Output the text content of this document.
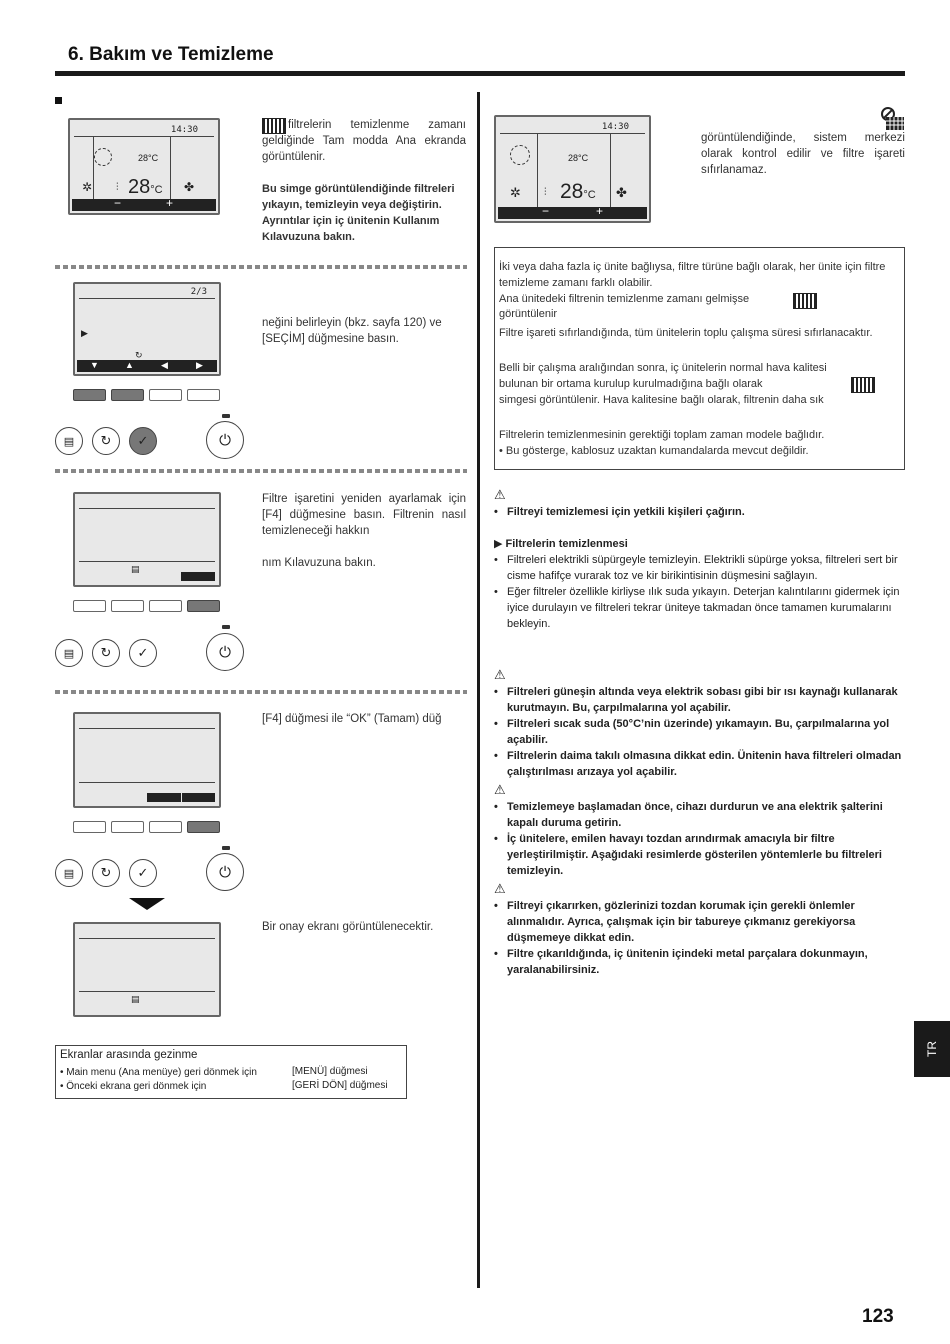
6. Bakım ve Temizleme
14:30
28°C
✲ ⫶ 28°C ✤
−	+
filtrelerin temizlenme zamanı geldiğinde Tam modda Ana ekranda görüntülenir.
Bu simge görüntülendiğinde filtreleri yıkayın, temizleyin veya değiştirin. Ayrıntılar için iç ünitenin Kullanım Kılavuzuna bakın.
2/3
▶
↻
▼	▲	◀	▶
▤ ↻ ✓	⏻
neğini belirleyin (bkz. sayfa 120) ve [SEÇİM] düğmesine basın.
▤
▤ ↻ ✓	⏻
Filtre işaretini yeniden ayarlamak için [F4] düğmesine basın. Filtrenin nasıl temizleneceği hakkın
nım Kılavuzuna bakın.
▤ ↻ ✓	⏻
[F4] düğmesi ile “OK” (Tamam) düğ
▤
Bir onay ekranı görüntülenecektir.
Ekranlar arasında gezinme
• Main menu (Ana menüye) geri dönmek için	[MENÜ] düğmesi
• Önceki ekrana geri dönmek için	[GERİ DÖN] düğmesi
14:30
28°C
✲ ⫶ 28°C ✤
−	+
görüntülendiğinde, sistem merkezi olarak kontrol edilir ve filtre işareti sıfırlanamaz.
İki veya daha fazla iç ünite bağlıysa, filtre türüne bağlı olarak, her ünite için filtre temizleme zamanı farklı olabilir.
Ana ünitedeki filtrenin temizlenme zamanı gelmişse
görüntülenir
Filtre işareti sıfırlandığında, tüm ünitelerin toplu çalışma süresi sıfırlanacaktır.
Belli bir çalışma aralığından sonra, iç ünitelerin normal hava kalitesi bulunan bir ortama kurulup kurulmadığına bağlı olarak
simgesi görüntülenir. Hava kalitesine bağlı olarak, filtrenin daha sık
Filtrelerin temizlenmesinin gerektiği toplam zaman modele bağlıdır.
• Bu gösterge, kablosuz uzaktan kumandalarda mevcut değildir.
⚠
• Filtreyi temizlemesi için yetkili kişileri çağırın.
▶ Filtrelerin temizlenmesi
• Filtreleri elektrikli süpürgeyle temizleyin. Elektrikli süpürge yoksa, filtreleri sert bir cisme hafifçe vurarak toz ve kir birikintisinin düşmesini sağlayın.
• Eğer filtreler özellikle kirliyse ılık suda yıkayın. Deterjan kalıntılarını gidermek için iyice durulayın ve filtreleri tekrar üniteye takmadan önce tamamen kurumalarını bekleyin.
⚠
• Filtreleri güneşin altında veya elektrik sobası gibi bir ısı kaynağı kullanarak kurutmayın. Bu, çarpılmalarına yol açabilir.
• Filtreleri sıcak suda (50°C’nin üzerinde) yıkamayın. Bu, çarpılmalarına yol açabilir.
• Filtrelerin daima takılı olmasına dikkat edin. Ünitenin hava filtreleri olmadan çalıştırılması arızaya yol açabilir.
⚠
• Temizlemeye başlamadan önce, cihazı durdurun ve ana elektrik şalterini kapalı duruma getirin.
• İç ünitelere, emilen havayı tozdan arındırmak amacıyla bir filtre yerleştirilmiştir. Aşağıdaki resimlerde gösterilen yöntemlerle bu filtreleri temizleyin.
⚠
• Filtreyi çıkarırken, gözlerinizi tozdan korumak için gerekli önlemler alınmalıdır. Ayrıca, çalışmak için bir tabureye çıkmanız gerekiyorsa düşmemeye dikkat edin.
• Filtre çıkarıldığında, iç ünitenin içindeki metal parçalara dokunmayın, yaralanabilirsiniz.
TR
123
